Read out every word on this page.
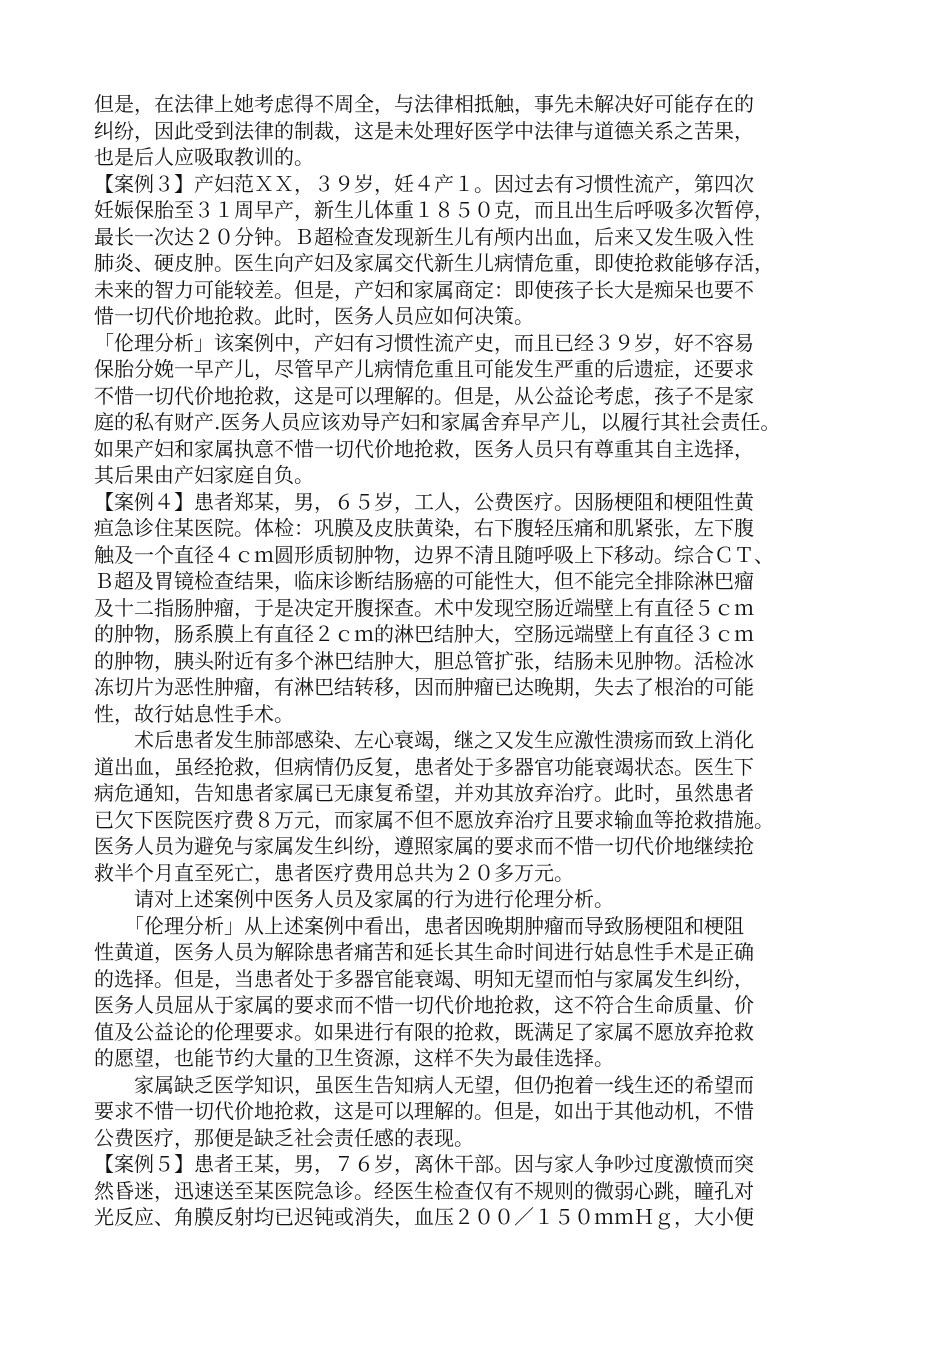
但是，在法律上她考虑得不周全，与法律相抵触，事先未解决好可能存在的
纠纷，因此受到法律的制裁，这是未处理好医学中法律与道德关系之苦果，
也是后人应吸取教训的。

【案例３】产妇范ＸＸ，３９岁，妊４产１。因过去有习惯性流产，第四次
妊娠保胎至３１周早产，新生儿体重１８５０克，而且出生后呼吸多次暂停，
最长一次达２０分钟。Ｂ超检查发现新生儿有颅内出血，后来又发生吸入性
肺炎、硬皮肿。医生向产妇及家属交代新生儿病情危重，即使抢救能够存活，
未来的智力可能较差。但是，产妇和家属商定：即使孩子长大是痴呆也要不
惜一切代价地抢救。此时，医务人员应如何决策。

「伦理分析」该案例中，产妇有习惯性流产史，而且已经３９岁，好不容易
保胎分娩一早产儿，尽管早产儿病情危重且可能发生严重的后遗症，还要求
不惜一切代价地抢救，这是可以理解的。但是，从公益论考虑，孩子不是家
庭的私有财产.医务人员应该劝导产妇和家属舍弃早产儿，以履行其社会责任。
如果产妇和家属执意不惜一切代价地抢救，医务人员只有尊重其自主选择，
其后果由产妇家庭自负。

【案例４】患者郑某，男，６５岁，工人，公费医疗。因肠梗阻和梗阻性黄
疸急诊住某医院。体检：巩膜及皮肤黄染，右下腹轻压痛和肌紧张，左下腹
触及一个直径４ｃｍ圆形质韧肿物，边界不清且随呼吸上下移动。综合ＣＴ、
Ｂ超及胃镜检查结果，临床诊断结肠癌的可能性大，但不能完全排除淋巴瘤
及十二指肠肿瘤，于是决定开腹探查。术中发现空肠近端壁上有直径５ｃｍ
的肿物，肠系膜上有直径２ｃｍ的淋巴结肿大，空肠远端壁上有直径３ｃｍ
的肿物，胰头附近有多个淋巴结肿大，胆总管扩张，结肠未见肿物。活检冰
冻切片为恶性肿瘤，有淋巴结转移，因而肿瘤已达晚期，失去了根治的可能
性，故行姑息性手术。

　　术后患者发生肺部感染、左心衰竭，继之又发生应激性溃疡而致上消化
道出血，虽经抢救，但病情仍反复，患者处于多器官功能衰竭状态。医生下
病危通知，告知患者家属已无康复希望，并劝其放弃治疗。此时，虽然患者
已欠下医院医疗费８万元，而家属不但不愿放弃治疗且要求输血等抢救措施。
医务人员为避免与家属发生纠纷，遵照家属的要求而不惜一切代价地继续抢
救半个月直至死亡，患者医疗费用总共为２０多万元。

　　请对上述案例中医务人员及家属的行为进行伦理分析。

　　「伦理分析」从上述案例中看出，患者因晚期肿瘤而导致肠梗阻和梗阻
性黄道，医务人员为解除患者痛苦和延长其生命时间进行姑息性手术是正确
的选择。但是，当患者处于多器官能衰竭、明知无望而怕与家属发生纠纷，
医务人员屈从于家属的要求而不惜一切代价地抢救，这不符合生命质量、价
值及公益论的伦理要求。如果进行有限的抢救，既满足了家属不愿放弃抢救
的愿望，也能节约大量的卫生资源，这样不失为最佳选择。

　　家属缺乏医学知识，虽医生告知病人无望，但仍抱着一线生还的希望而
要求不惜一切代价地抢救，这是可以理解的。但是，如出于其他动机，不惜
公费医疗，那便是缺乏社会责任感的表现。

【案例５】患者王某，男，７６岁，离休干部。因与家人争吵过度激愤而突
然昏迷，迅速送至某医院急诊。经医生检查仅有不规则的微弱心跳，瞳孔对
光反应、角膜反射均已迟钝或消失，血压２００／１５０ｍｍＨｇ，大小便
